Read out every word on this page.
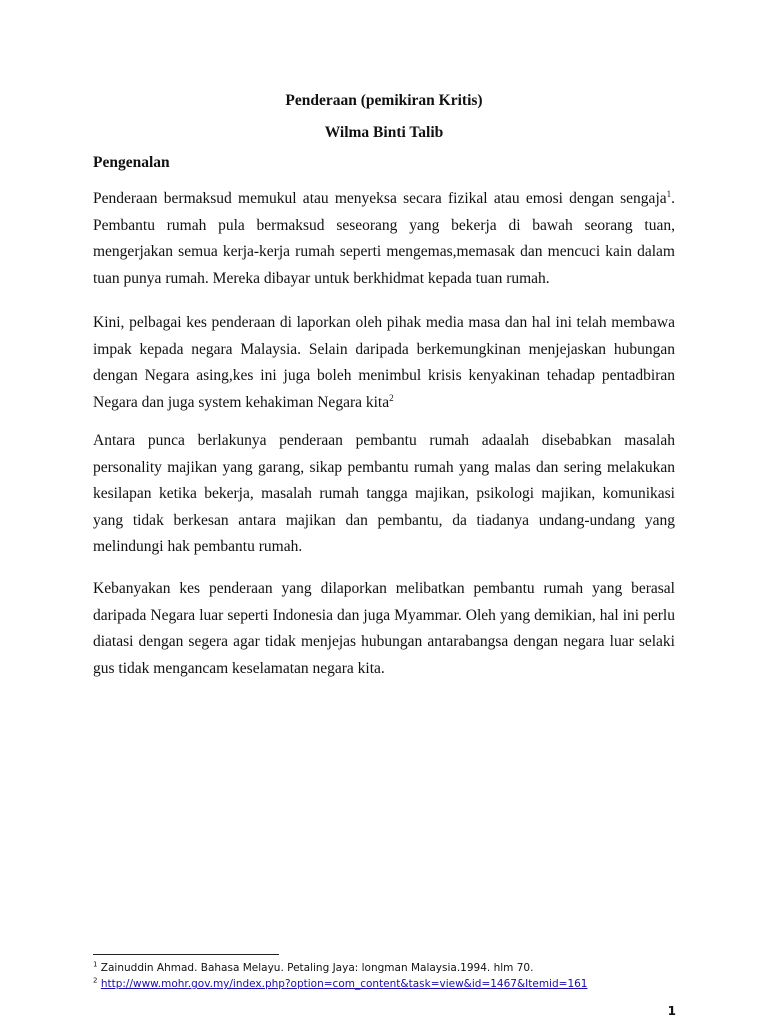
Penderaan (pemikiran Kritis)

Wilma Binti Talib

Pengenalan

Penderaan bermaksud memukul atau menyeksa secara fizikal atau emosi dengan sengaja$^1$. Pembantu rumah pula bermaksud seseorang yang bekerja di bawah seorang tuan, mengerjakan semua kerja-kerja rumah seperti mengemas,memasak dan mencuci kain dalam tuan punya rumah. Mereka dibayar untuk berkhidmat kepada tuan rumah.

Kini, pelbagai kes penderaan di laporkan oleh pihak media masa dan hal ini telah membawa impak kepada negara Malaysia. Selain daripada berkemungkinan menjejaskan hubungan dengan Negara asing,kes ini juga boleh menimbul krisis kenyakinan tehadap pentadbiran Negara dan juga system kehakiman Negara kita$^2$

Antara punca berlakunya penderaan pembantu rumah adaalah disebabkan masalah personality majikan yang garang, sikap pembantu rumah yang malas dan sering melakukan kesilapan ketika bekerja, masalah rumah tangga majikan, psikologi majikan, komunikasi yang tidak berkesan antara majikan dan pembantu, da tiadanya undang-undang yang melindungi hak pembantu rumah.

Kebanyakan kes penderaan yang dilaporkan melibatkan pembantu rumah yang berasal daripada Negara luar seperti Indonesia dan juga Myammar. Oleh yang demikian, hal ini perlu diatasi dengan segera agar tidak menjejas hubungan antarabangsa dengan negara luar selaki gus tidak mengancam keselamatan negara kita.

$^1$ Zainuddin Ahmad. Bahasa Melayu. Petaling Jaya: longman Malaysia.1994. hlm 70.
$^2$ http://www.mohr.gov.my/index.php?option=com_content&task=view&id=1467&Itemid=161
1
